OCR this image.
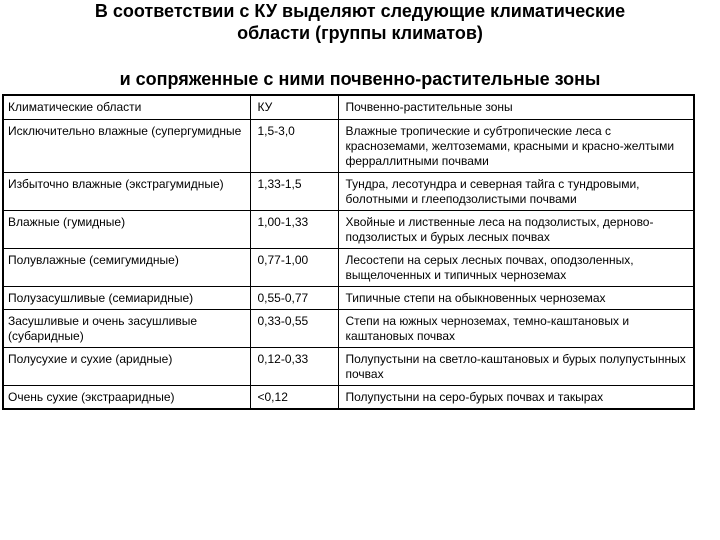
В соответствии с КУ выделяют следующие климатические области (группы климатов)
и сопряженные с ними почвенно-растительные зоны
Климатические области	КУ	Почвенно-растительные зоны
Исключительно влажные (супергумидные	1,5-3,0	Влажные тропические и субтропические леса с красноземами, желтоземами, красными и красно-желтыми ферраллитными почвами
Избыточно влажные (экстрагумидные)	1,33-1,5	Тундра, лесотундра и северная тайга с тундровыми, болотными и глееподзолистыми почвами
Влажные (гумидные)	1,00-1,33	Хвойные и лиственные леса на подзолистых, дерново-подзолистых и бурых лесных почвах
Полувлажные (семигумидные)	0,77-1,00	Лесостепи на серых лесных почвах, оподзоленных, выщелоченных и типичных черноземах
Полузасушливые (семиаридные)	0,55-0,77	Типичные степи на обыкновенных черноземах
Засушливые и очень засушливые (субаридные)	0,33-0,55	Степи на южных черноземах, темно-каштановых и каштановых почвах
Полусухие и сухие (аридные)	0,12-0,33	Полупустыни на светло-каштановых и бурых полупустынных почвах
Очень сухие (экстрааридные)	<0,12	Полупустыни на серо-бурых почвах и такырах
